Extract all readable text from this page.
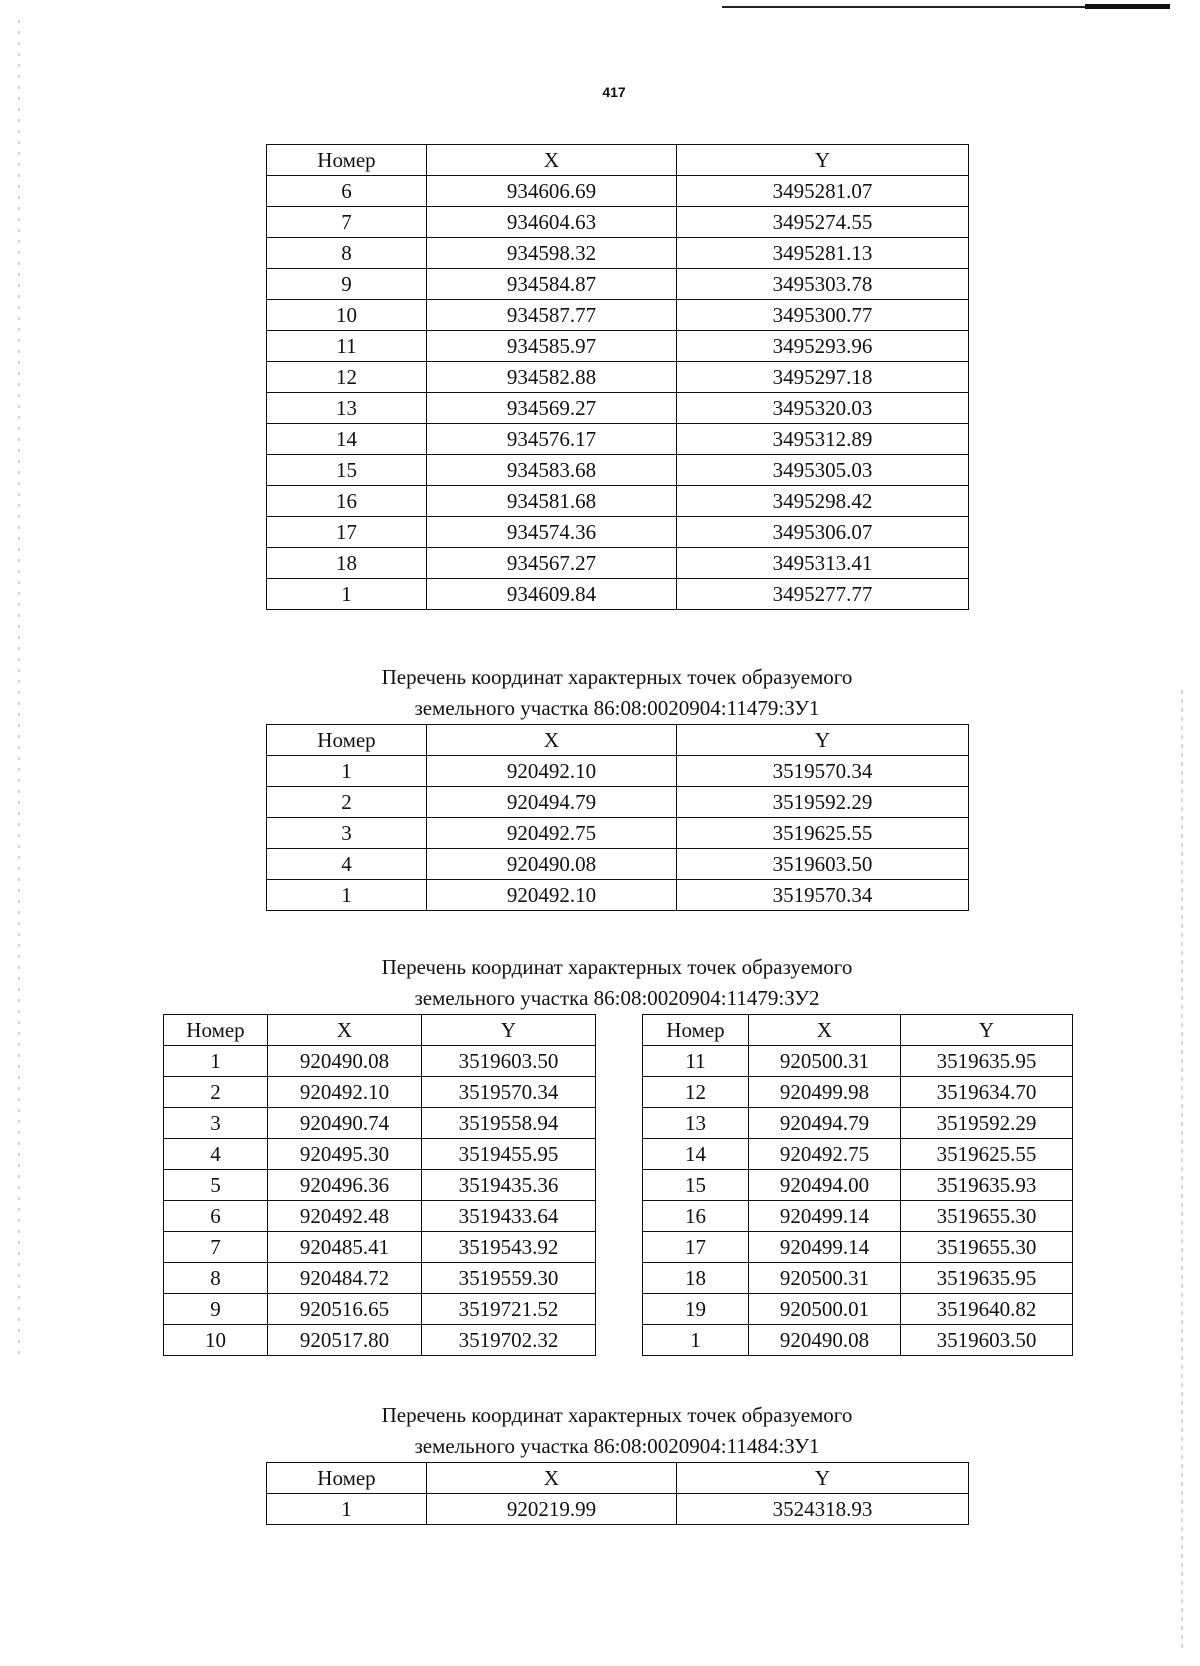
417
Номер	X	Y
6	934606.69	3495281.07
7	934604.63	3495274.55
8	934598.32	3495281.13
9	934584.87	3495303.78
10	934587.77	3495300.77
11	934585.97	3495293.96
12	934582.88	3495297.18
13	934569.27	3495320.03
14	934576.17	3495312.89
15	934583.68	3495305.03
16	934581.68	3495298.42
17	934574.36	3495306.07
18	934567.27	3495313.41
1	934609.84	3495277.77
Перечень координат характерных точек образуемого
земельного участка 86:08:0020904:11479:ЗУ1
Номер	X	Y
1	920492.10	3519570.34
2	920494.79	3519592.29
3	920492.75	3519625.55
4	920490.08	3519603.50
1	920492.10	3519570.34
Перечень координат характерных точек образуемого
земельного участка 86:08:0020904:11479:ЗУ2
Номер	X	Y
1	920490.08	3519603.50
2	920492.10	3519570.34
3	920490.74	3519558.94
4	920495.30	3519455.95
5	920496.36	3519435.36
6	920492.48	3519433.64
7	920485.41	3519543.92
8	920484.72	3519559.30
9	920516.65	3519721.52
10	920517.80	3519702.32
Номер	X	Y
11	920500.31	3519635.95
12	920499.98	3519634.70
13	920494.79	3519592.29
14	920492.75	3519625.55
15	920494.00	3519635.93
16	920499.14	3519655.30
17	920499.14	3519655.30
18	920500.31	3519635.95
19	920500.01	3519640.82
1	920490.08	3519603.50
Перечень координат характерных точек образуемого
земельного участка 86:08:0020904:11484:ЗУ1
Номер	X	Y
1	920219.99	3524318.93
